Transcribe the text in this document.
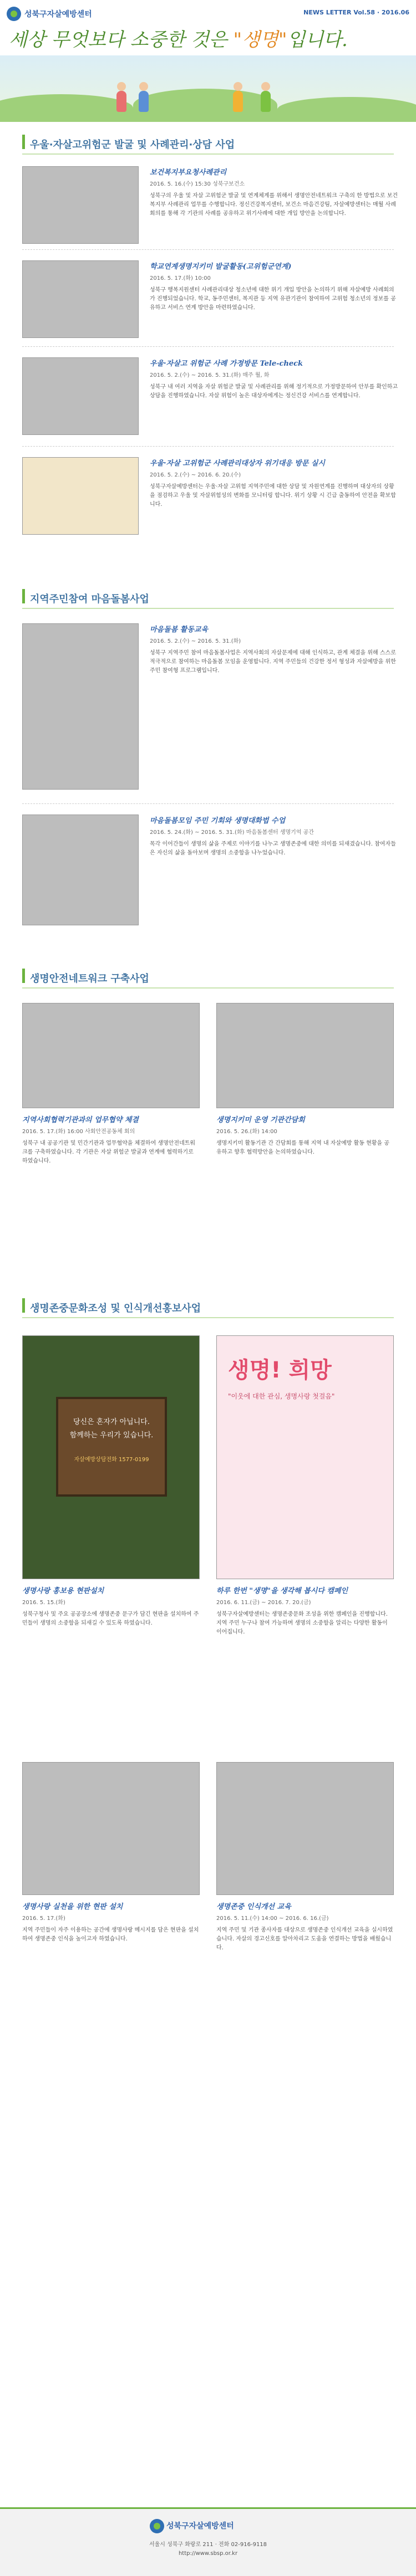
성북구자살예방센터	NEWS LETTER Vol.58 · 2016.06
세상 무엇보다 소중한 것은 "생명"입니다.
우울·자살고위험군 발굴 및 사례관리·상담 사업
보건복지부요청사례관리
2016. 5. 16.(수) 15:30 성북구보건소
성북구의 우울 및 자살 고위험군 발굴 및 연계체계를 위해서 생명안전네트워크 구축의 한 방법으로 보건복지부 사례관리 업무를 수행합니다. 정신건강복지센터, 보건소 마음건강팀, 자살예방센터는 매월 사례회의를 통해 각 기관의 사례를 공유하고 위기사례에 대한 개입 방안을 논의합니다.
학교연계생명지키미 발굴활동(고위험군연계)
2016. 5. 17.(화) 10:00
성북구 행복지원센터 사례관리대상 청소년에 대한 위기 개입 방안을 논의하기 위해 자살예방 사례회의가 진행되었습니다. 학교, 동주민센터, 복지관 등 지역 유관기관이 참여하여 고위험 청소년의 정보를 공유하고 서비스 연계 방안을 마련하였습니다.
우울·자살고 위험군 사례 가정방문 Tele-check
2016. 5. 2.(수) ~ 2016. 5. 31.(화) 매주 월, 화
성북구 내 여러 지역을 자살 위험군 발굴 및 사례관리를 위해 정기적으로 가정방문하여 안부를 확인하고 상담을 진행하였습니다. 자살 위험이 높은 대상자에게는 정신건강 서비스를 연계합니다.
우울·자살 고위험군 사례관리대상자 위기대응 방문 실시
2016. 5. 2.(수) ~ 2016. 6. 20.(수)
성북구자살예방센터는 우울·자살 고위험 지역주민에 대한 상담 및 자원연계를 진행하며 대상자의 상황을 점검하고 우울 및 자살위험성의 변화를 모니터링 합니다. 위기 상황 시 긴급 출동하여 안전을 확보합니다.
지역주민참여 마음돌봄사업
마음돌봄 활동교육
2016. 5. 2.(수) ~ 2016. 5. 31.(화)
성북구 지역주민 참여 마음돌봄사업은 지역사회의 자살문제에 대해 인식하고, 관계 체결을 위해 스스로 적극적으로 참여하는 마음돌봄 모임을 운영합니다. 지역 주민들의 건강한 정서 형성과 자살예방을 위한 주민 참여형 프로그램입니다.
마음돌봄모임 주민 기회와 생명대화법 수업
2016. 5. 24.(화) ~ 2016. 5. 31.(화) 마음돌봄센터 생명기억 공간
목각 이어간들이 생명의 삶을 주제로 이야기를 나누고 생명존중에 대한 의미를 되새겼습니다. 참여자들은 자신의 삶을 돌아보며 생명의 소중함을 나누었습니다.
생명안전네트워크 구축사업
지역사회협력기관과의 업무협약 체결
2016. 5. 17.(화) 16:00 사회안전공동체 회의
성북구 내 공공기관 및 민간기관과 업무협약을 체결하여 생명안전네트워크를 구축하였습니다. 각 기관은 자살 위험군 발굴과 연계에 협력하기로 하였습니다.
생명지키미 운영 기관간담회
2016. 5. 26.(화) 14:00
생명지키미 활동기관 간 간담회를 통해 지역 내 자살예방 활동 현황을 공유하고 향후 협력방안을 논의하였습니다.
생명존중문화조성 및 인식개선홍보사업
당신은 혼자가 아닙니다.
함께하는 우리가 있습니다.
자살예방상담전화 1577-0199
생명사랑 홍보용 현판설치
2016. 5. 15.(화)
성북구청사 및 주요 공공장소에 생명존중 문구가 담긴 현판을 설치하여 주민들이 생명의 소중함을 되새길 수 있도록 하였습니다.
생명! 희망
"이웃에 대한 관심, 생명사랑 첫걸음"
하루 한번 "생명"을 생각해 봅시다 캠페인
2016. 6. 11.(금) ~ 2016. 7. 20.(금)
성북구자살예방센터는 생명존중문화 조성을 위한 캠페인을 진행합니다. 지역 주민 누구나 참여 가능하며 생명의 소중함을 알리는 다양한 활동이 이어집니다.
생명사랑 실천을 위한 현판 설치
2016. 5. 17.(화)
지역 주민들이 자주 이용하는 공간에 생명사랑 메시지를 담은 현판을 설치하여 생명존중 인식을 높이고자 하였습니다.
생명존중 인식개선 교육
2016. 5. 11.(수) 14:00 ~ 2016. 6. 16.(금)
지역 주민 및 기관 종사자를 대상으로 생명존중 인식개선 교육을 실시하였습니다. 자살의 경고신호를 알아차리고 도움을 연결하는 방법을 배웠습니다.
성북구자살예방센터
서울시 성북구 화랑로 211 · 전화 02-916-9118
http://www.sbsp.or.kr
